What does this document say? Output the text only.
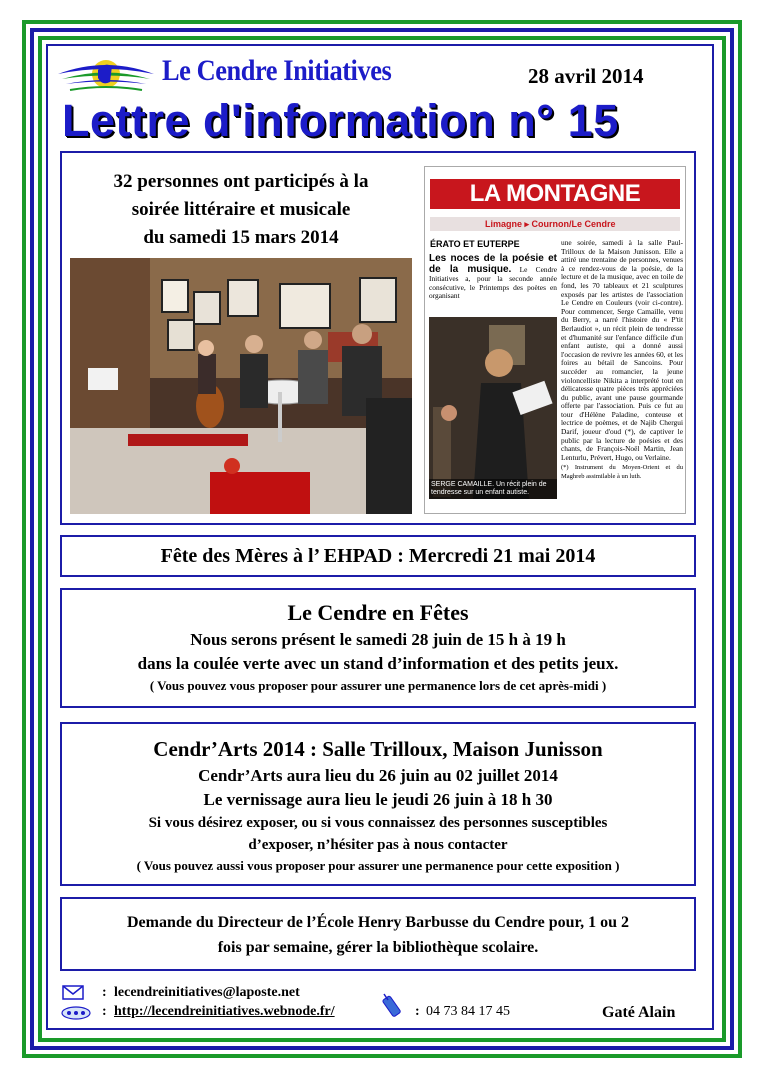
Le Cendre Initiatives	28 avril 2014
Lettre d'information n° 15
32 personnes ont participés à la
soirée littéraire et musicale
du samedi 15 mars 2014
LA MONTAGNE
Limagne ▸ Cournon/Le Cendre
ÉRATO ET EUTERPE
Les noces de la poésie et de la musique. Le Cendre Initiatives a, pour la seconde année consécutive, le Printemps des poètes en organisant
SERGE CAMAILLE. Un récit plein de tendresse sur un enfant autiste.
une soirée, samedi à la salle Paul-Trilloux de la Maison Junisson. Elle a attiré une trentaine de personnes, venues à ce rendez-vous de la poésie, de la lecture et de la musique, avec en toile de fond, les 70 tableaux et 21 sculptures exposés par les artistes de l'association Le Cendre en Couleurs (voir ci-contre). Pour commencer, Serge Camaille, venu du Berry, a narré l'histoire du « P'tit Berlaudiot », un récit plein de tendresse et d'humanité sur l'enfance difficile d'un enfant autiste, qui a donné aussi l'occasion de revivre les années 60, et les foires au bétail de Sancoins. Pour succéder au romancier, la jeune violoncelliste Nikita a interprété tout en délicatesse quatre pièces très appréciées du public, avant une pause gourmande offerte par l'association. Puis ce fut au tour d'Hélène Paladine, conteuse et lectrice de poèmes, et de Najib Chergui Darif, joueur d'oud (*), de captiver le public par la lecture de poésies et des chants, de François-Noël Martin, Jean Lenturlu, Prévert, Hugo, ou Verlaine.
(*) Instrument du Moyen-Orient et du Maghreb assimilable à un luth.
Fête des Mères à l’ EHPAD : Mercredi 21 mai 2014
Le Cendre en Fêtes
Nous serons présent le samedi 28 juin de 15 h à 19 h
dans la coulée verte avec un stand d’information et des petits jeux.
( Vous pouvez vous proposer pour assurer une permanence lors de cet après-midi )
Cendr’Arts 2014 : Salle Trilloux, Maison Junisson
Cendr’Arts aura lieu du 26 juin au 02 juillet 2014
Le vernissage aura lieu le jeudi 26 juin à 18 h 30
Si vous désirez exposer, ou si vous connaissez des personnes susceptibles
d’exposer, n’hésiter pas à nous contacter
( Vous pouvez aussi vous proposer pour assurer une permanence pour cette exposition )
Demande du Directeur de l’École Henry Barbusse du Cendre pour, 1 ou 2
fois par semaine, gérer la bibliothèque scolaire.
: lecendreinitiatives@laposte.net
: http://lecendreinitiatives.webnode.fr/	: 04 73 84 17 45	Gaté Alain
